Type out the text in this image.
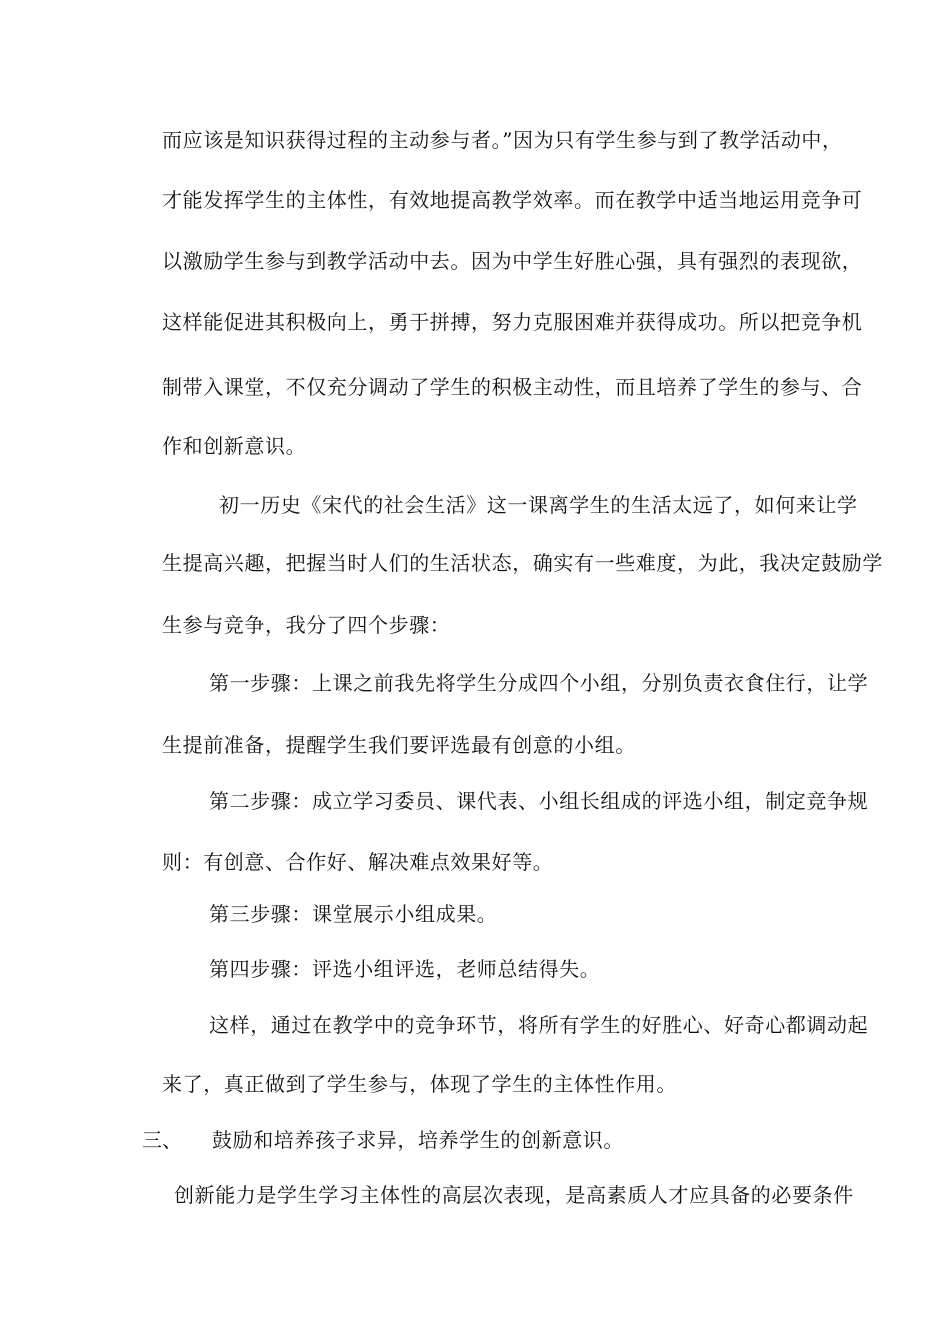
而应该是知识获得过程的主动参与者。”因为只有学生参与到了教学活动中，
才能发挥学生的主体性，有效地提高教学效率。而在教学中适当地运用竞争可
以激励学生参与到教学活动中去。因为中学生好胜心强，具有强烈的表现欲，
这样能促进其积极向上，勇于拼搏，努力克服困难并获得成功。所以把竞争机
制带入课堂，不仅充分调动了学生的积极主动性，而且培养了学生的参与、合
作和创新意识。
初一历史《宋代的社会生活》这一课离学生的生活太远了，如何来让学
生提高兴趣，把握当时人们的生活状态，确实有一些难度，为此，我决定鼓励学
生参与竞争，我分了四个步骤：
第一步骤：上课之前我先将学生分成四个小组，分别负责衣食住行，让学
生提前准备，提醒学生我们要评选最有创意的小组。
第二步骤：成立学习委员、课代表、小组长组成的评选小组，制定竞争规
则：有创意、合作好、解决难点效果好等。
第三步骤：课堂展示小组成果。
第四步骤：评选小组评选，老师总结得失。
这样，通过在教学中的竞争环节，将所有学生的好胜心、好奇心都调动起
来了，真正做到了学生参与，体现了学生的主体性作用。
三、 鼓励和培养孩子求异，培养学生的创新意识。
创新能力是学生学习主体性的高层次表现，是高素质人才应具备的必要条件
